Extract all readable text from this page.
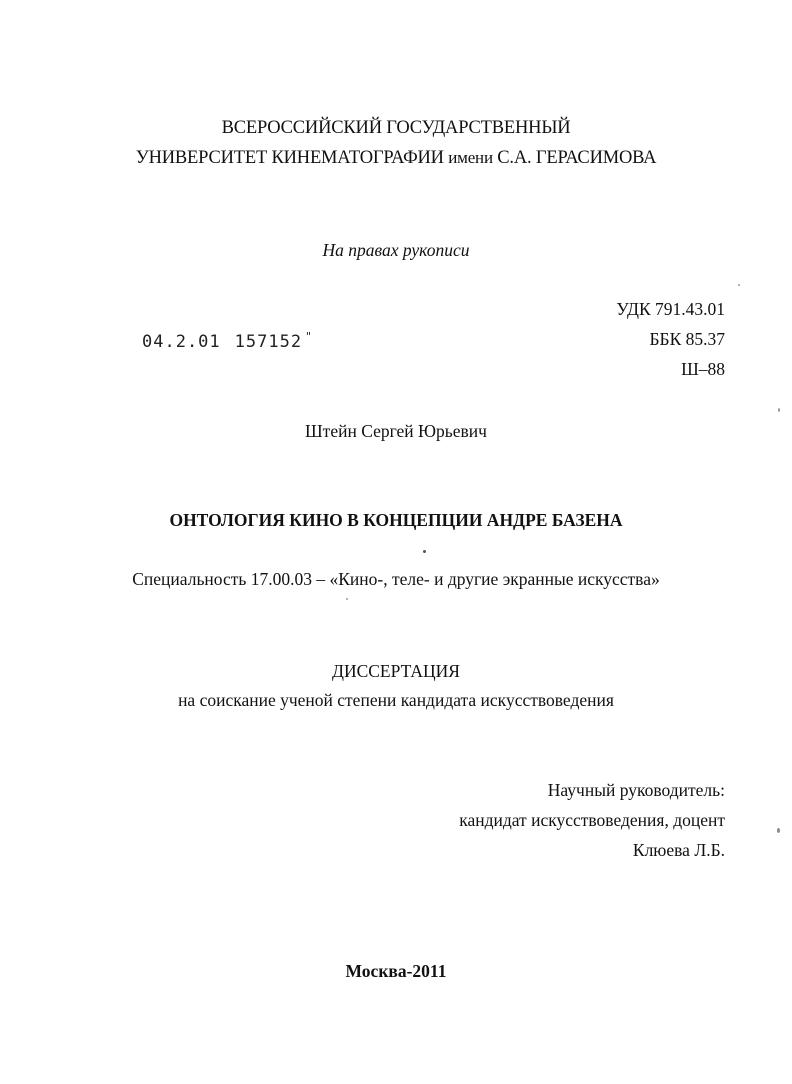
ВСЕРОССИЙСКИЙ ГОСУДАРСТВЕННЫЙ
УНИВЕРСИТЕТ КИНЕМАТОГРАФИИ имени С.А. ГЕРАСИМОВА
На правах рукописи
УДК 791.43.01
ББК 85.37
Ш–88
04.2.01 157152 "
Штейн Сергей Юрьевич
ОНТОЛОГИЯ КИНО В КОНЦЕПЦИИ АНДРЕ БАЗЕНА
Специальность 17.00.03 – «Кино-, теле- и другие экранные искусства»
ДИССЕРТАЦИЯ
на соискание ученой степени кандидата искусствоведения
Научный руководитель:
кандидат искусствоведения, доцент
Клюева Л.Б.
Москва-2011
